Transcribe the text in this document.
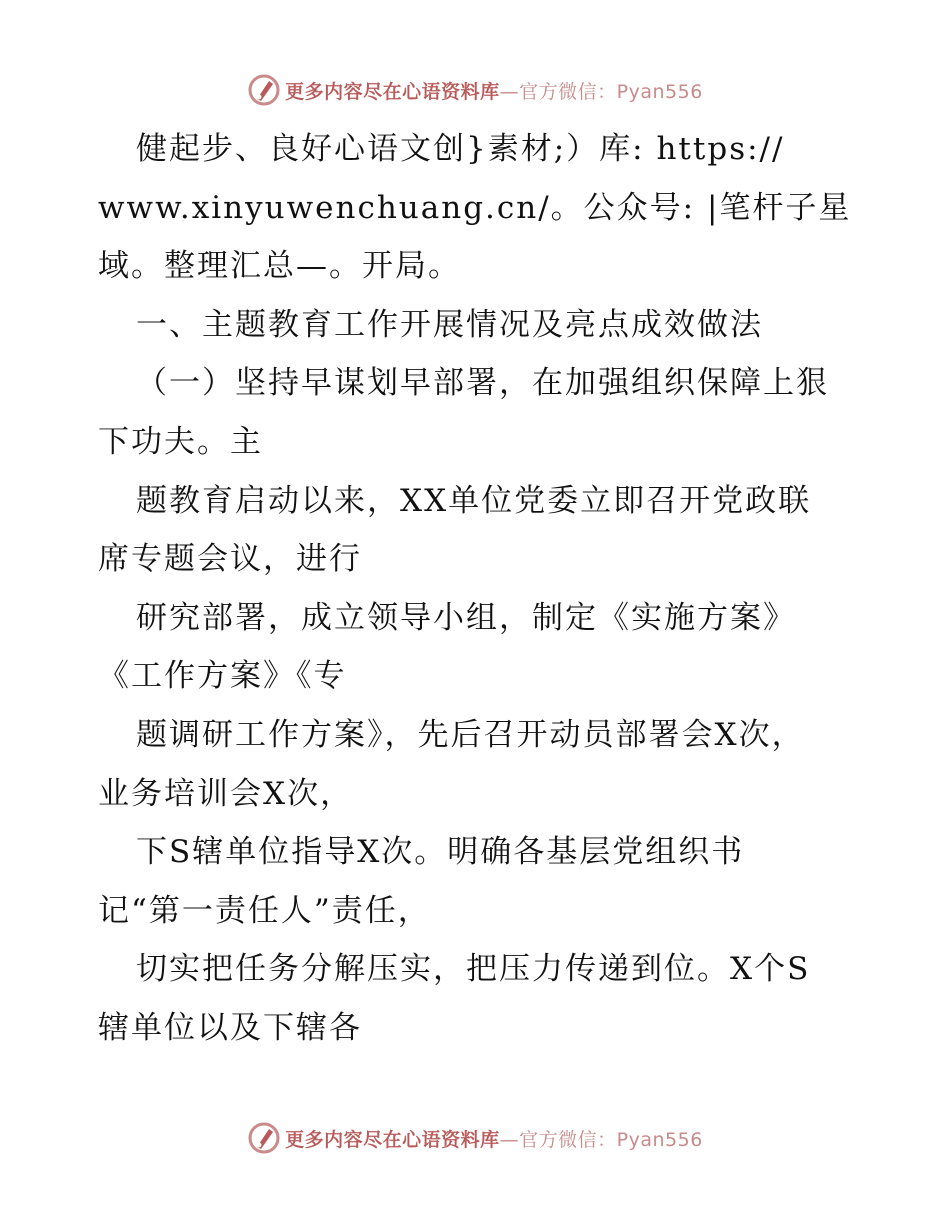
更多内容尽在心语资料库—官方微信：Pyan556
健起步、良好心语文创}素材;）库: https://
www.xinyuwenchuang.cn/。公众号: |笔杆子星
域。整理汇总—。开局。
一、主题教育工作开展情况及亮点成效做法
（一）坚持早谋划早部署，在加强组织保障上狠
下功夫。主
题教育启动以来，XX单位党委立即召开党政联
席专题会议，进行
研究部署，成立领导小组，制定《实施方案》
《工作方案》《专
题调研工作方案》，先后召开动员部署会X次，
业务培训会X次，
下S辖单位指导X次。明确各基层党组织书
记“第一责任人”责任，
切实把任务分解压实，把压力传递到位。X个S
辖单位以及下辖各
更多内容尽在心语资料库—官方微信：Pyan556
